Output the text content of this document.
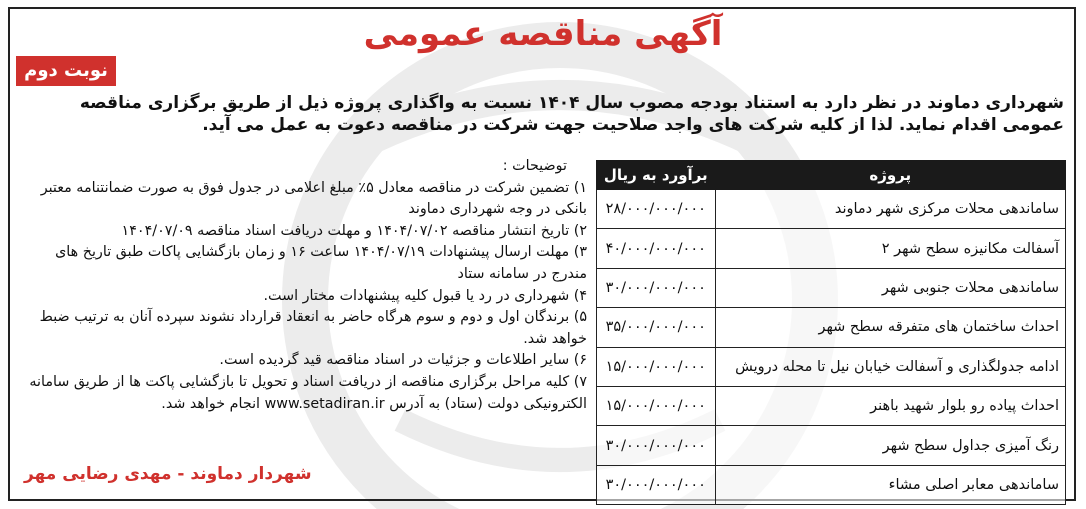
آگهی مناقصه عمومی
نوبت دوم
شهرداری دماوند در نظر دارد به استناد بودجه مصوب سال ۱۴۰۴ نسبت به واگذاری پروژه ذیل از طریق برگزاری مناقصه عمومی اقدام نماید. لذا از کلیه شرکت های واجد صلاحیت جهت شرکت در مناقصه دعوت به عمل می آید.
پروژه	برآورد به ریال
ساماندهی محلات مرکزی شهر دماوند	۲۸/۰۰۰/۰۰۰/۰۰۰
آسفالت مکانیزه سطح شهر ۲	۴۰/۰۰۰/۰۰۰/۰۰۰
ساماندهی محلات جنوبی شهر	۳۰/۰۰۰/۰۰۰/۰۰۰
احداث ساختمان های متفرقه سطح شهر	۳۵/۰۰۰/۰۰۰/۰۰۰
ادامه جدولگذاری و آسفالت خیابان نیل تا محله درویش	۱۵/۰۰۰/۰۰۰/۰۰۰
احداث پیاده رو بلوار شهید باهنر	۱۵/۰۰۰/۰۰۰/۰۰۰
رنگ آمیزی جداول سطح شهر	۳۰/۰۰۰/۰۰۰/۰۰۰
ساماندهی معابر اصلی مشاء	۳۰/۰۰۰/۰۰۰/۰۰۰

توضیحات :

۱) تضمین شرکت در مناقصه معادل ۵٪ مبلغ اعلامی در جدول فوق به صورت ضمانتنامه معتبر بانکی در وجه شهرداری دماوند

۲) تاریخ انتشار مناقصه ۱۴۰۴/۰۷/۰۲ و مهلت دریافت اسناد مناقصه ۱۴۰۴/۰۷/۰۹

۳) مهلت ارسال پیشنهادات ۱۴۰۴/۰۷/۱۹ ساعت ۱۶ و زمان بازگشایی پاکات طبق تاریخ های مندرج در سامانه ستاد

۴) شهرداری در رد یا قبول کلیه پیشنهادات مختار است.

۵) برندگان اول و دوم و سوم هرگاه حاضر به انعقاد قرارداد نشوند سپرده آنان به ترتیب ضبط خواهد شد.

۶) سایر اطلاعات و جزئیات در اسناد مناقصه قید گردیده است.

۷) کلیه مراحل برگزاری مناقصه از دریافت اسناد و تحویل تا بازگشایی پاکت ها از طریق سامانه الکترونیکی دولت (ستاد) به آدرس www.setadiran.ir انجام خواهد شد.

شهردار دماوند - مهدی رضایی مهر
